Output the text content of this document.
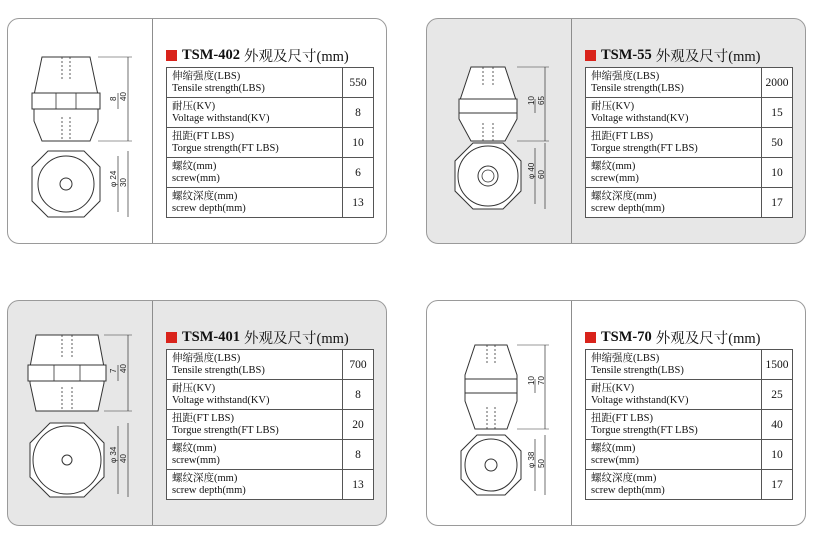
8 40
φ 24 30
TSM-402 外观及尺寸(mm)
伸缩强度(LBS)
Tensile strength(LBS)	550
耐压(KV)
Voltage withstand(KV)	8
扭距(FT LBS)
Torgue strength(FT LBS)	10
螺纹(mm)
screw(mm)	6
螺纹深度(mm)
screw depth(mm)	13
10 65
φ 40 60
TSM-55 外观及尺寸(mm)
伸缩强度(LBS)
Tensile strength(LBS)	2000
耐压(KV)
Voltage withstand(KV)	15
扭距(FT LBS)
Torgue strength(FT LBS)	50
螺纹(mm)
screw(mm)	10
螺纹深度(mm)
screw depth(mm)	17
7 40
φ 34 40
TSM-401 外观及尺寸(mm)
伸缩强度(LBS)
Tensile strength(LBS)	700
耐压(KV)
Voltage withstand(KV)	8
扭距(FT LBS)
Torgue strength(FT LBS)	20
螺纹(mm)
screw(mm)	8
螺纹深度(mm)
screw depth(mm)	13
10 70
φ 38 50
TSM-70 外观及尺寸(mm)
伸缩强度(LBS)
Tensile strength(LBS)	1500
耐压(KV)
Voltage withstand(KV)	25
扭距(FT LBS)
Torgue strength(FT LBS)	40
螺纹(mm)
screw(mm)	10
螺纹深度(mm)
screw depth(mm)	17
